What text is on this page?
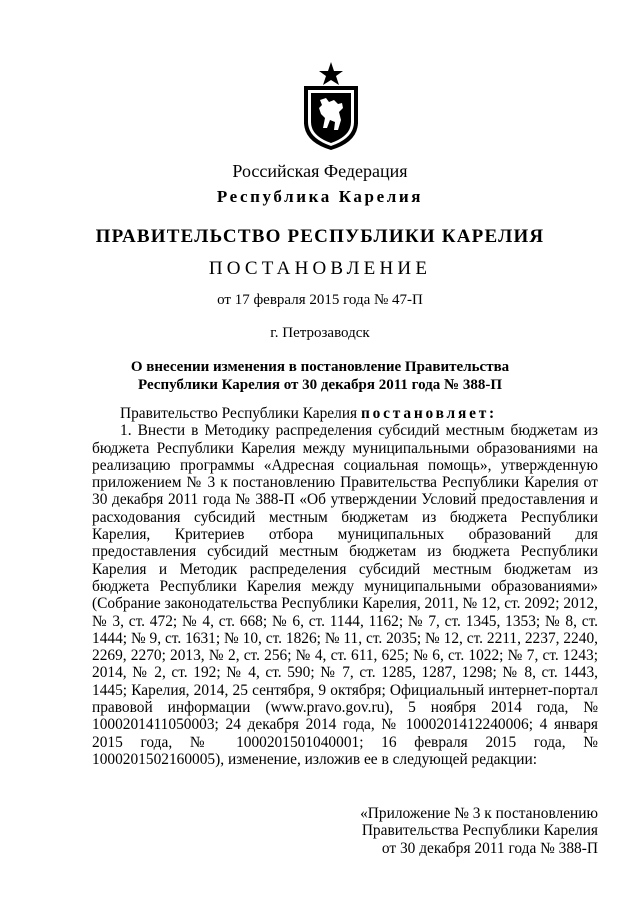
Российская Федерация
Республика Карелия
ПРАВИТЕЛЬСТВО РЕСПУБЛИКИ КАРЕЛИЯ
ПОСТАНОВЛЕНИЕ
от 17 февраля 2015 года № 47-П
г. Петрозаводск
О внесении изменения в постановление Правительства
Республики Карелия от 30 декабря 2011 года № 388-П

Правительство Республики Карелия постановляет:

1. Внести в Методику распределения субсидий местным бюджетам из бюджета Республики Карелия между муниципальными образованиями на реализацию программы «Адресная социальная помощь», утвержденную приложением № 3 к постановлению Правительства Республики Карелия от 30 декабря 2011 года № 388-П «Об утверждении Условий предоставления и расходования субсидий местным бюджетам из бюджета Республики Карелия, Критериев отбора муниципальных образований для предоставления субсидий местным бюджетам из бюджета Республики Карелия и Методик распределения субсидий местным бюджетам из бюджета Республики Карелия между муниципальными образованиями» (Собрание законодательства Республики Карелия, 2011, № 12, ст. 2092; 2012, № 3, ст. 472; № 4, ст. 668; № 6, ст. 1144, 1162; № 7, ст. 1345, 1353; № 8, ст. 1444; № 9, ст. 1631; № 10, ст. 1826; № 11, ст. 2035; № 12, ст. 2211, 2237, 2240, 2269, 2270; 2013, № 2, ст. 256; № 4, ст. 611, 625; № 6, ст. 1022; № 7, ст. 1243; 2014, № 2, ст. 192; № 4, ст. 590; № 7, ст. 1285, 1287, 1298; № 8, ст. 1443, 1445; Карелия, 2014, 25 сентября, 9 октября; Официальный интернет-портал правовой информации (www.pravo.gov.ru), 5 ноября 2014 года, № 1000201411050003; 24 декабря 2014 года, № 1000201412240006; 4 января 2015 года, № 1000201501040001; 16 февраля 2015 года, № 1000201502160005), изменение, изложив ее в следующей редакции:

«Приложение № 3 к постановлению
Правительства Республики Карелия
от 30 декабря 2011 года № 388-П
